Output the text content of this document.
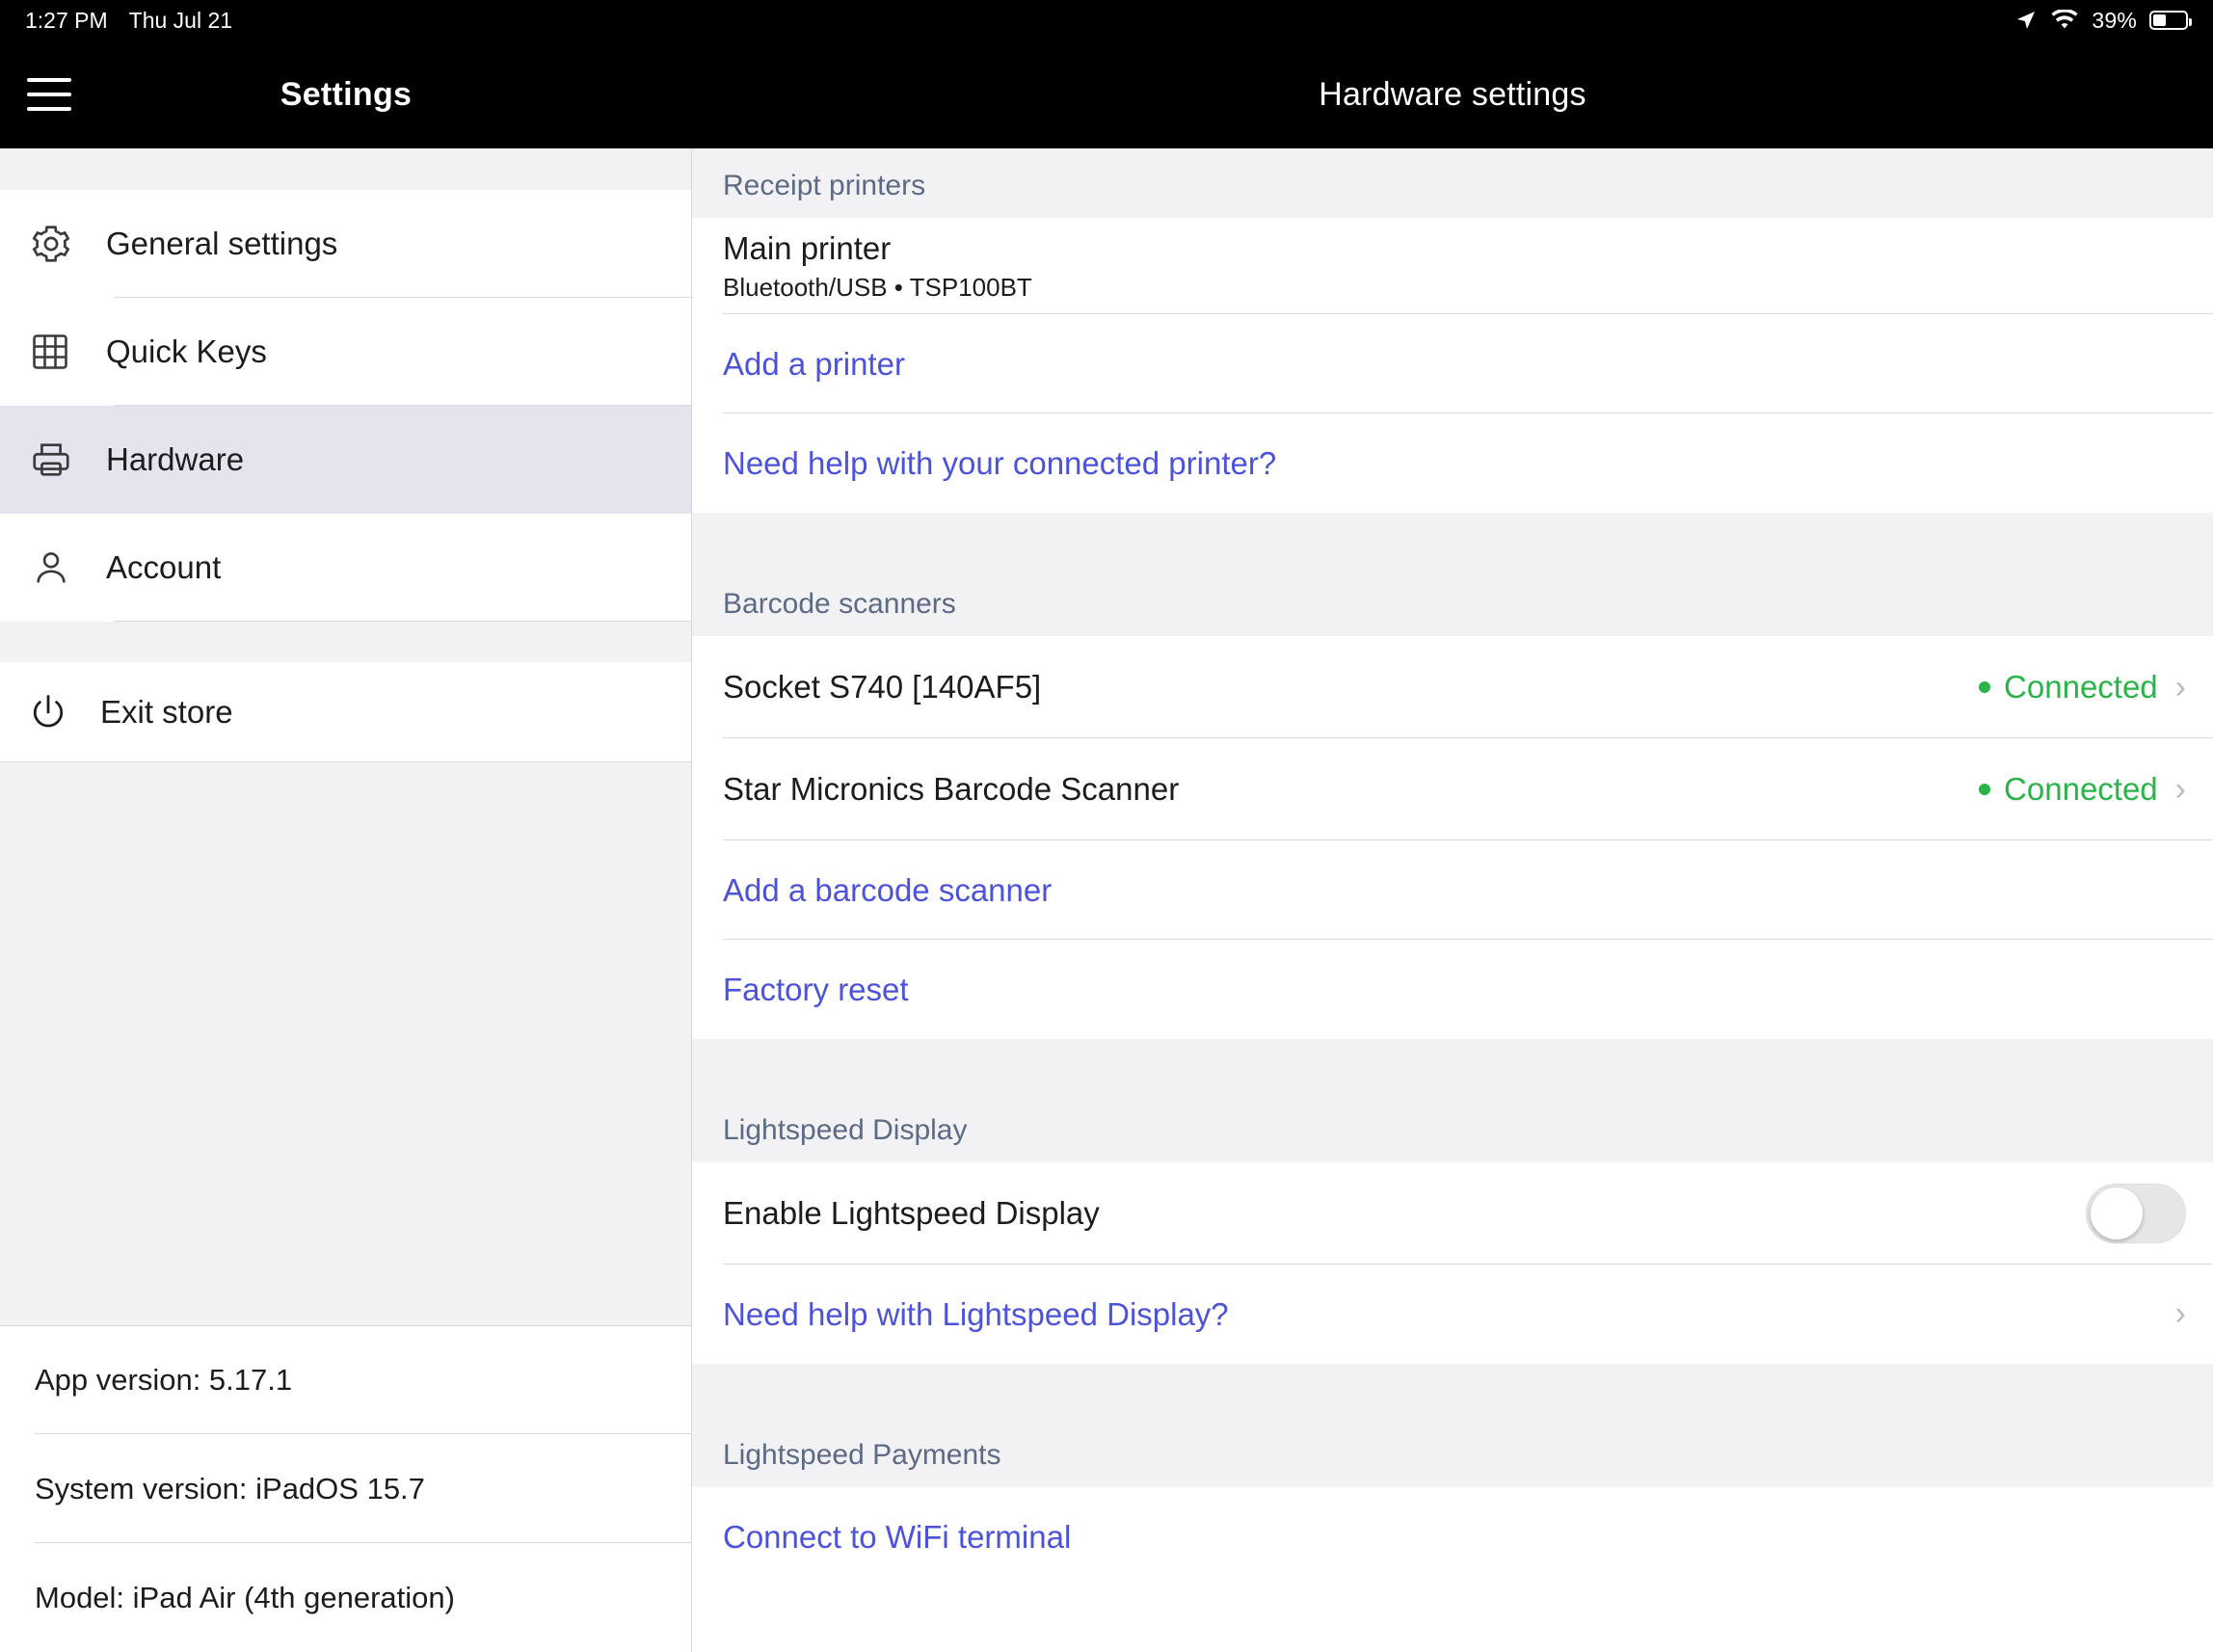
1:27 PM Thu Jul 21	39%
Settings	Hardware settings
General settings
Quick Keys
Hardware
Account
Exit store
App version: 5.17.1
System version: iPadOS 15.7
Model: iPad Air (4th generation)
Receipt printers
Main printer
Bluetooth/USB • TSP100BT
Add a printer
Need help with your connected printer?
Barcode scanners
Socket S740 [140AF5]	Connected ›
Star Micronics Barcode Scanner	Connected ›
Add a barcode scanner
Factory reset
Lightspeed Display
Enable Lightspeed Display
Need help with Lightspeed Display?	›
Lightspeed Payments
Connect to WiFi terminal
